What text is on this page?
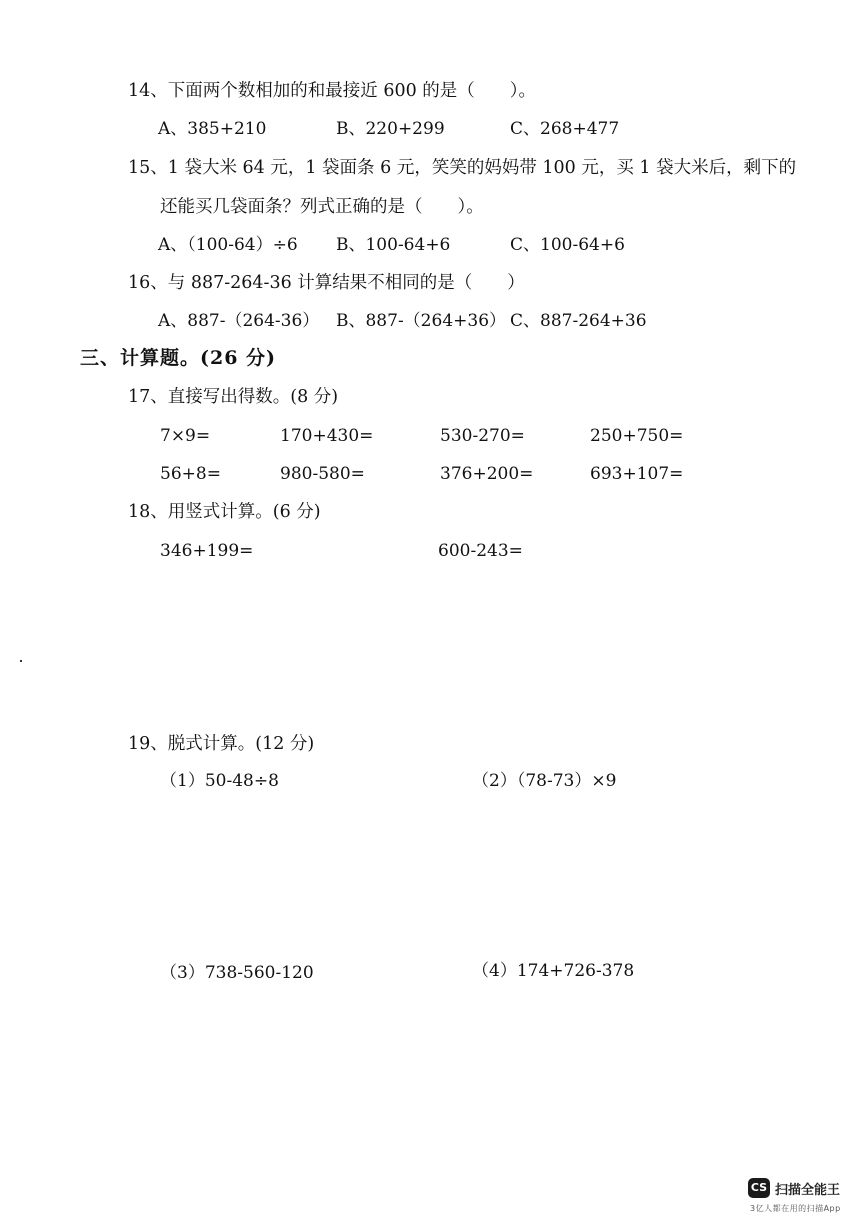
14、下面两个数相加的和最接近 600 的是（　　）。
A、385+210	B、220+299	C、268+477
15、1 袋大米 64 元，1 袋面条 6 元，笑笑的妈妈带 100 元，买 1 袋大米后，剩下的
还能买几袋面条？列式正确的是（　　）。
A、（100-64）÷6 B、100-64+6	C、100-64+6
16、与 887-264-36 计算结果不相同的是（　　）
A、887-（264-36） B、887-（264+36） C、887-264+36
三、计算题。(26 分)
17、直接写出得数。(8 分)
7×9=	170+430=	530-270=	250+750=
56+8=	980-580=	376+200=	693+107=
18、用竖式计算。(6 分)
346+199=	600-243=
19、脱式计算。(12 分)
（1）50-48÷8	（2）（78-73）×9
（3）738-560-120	（4）174+726-378
CS 扫描全能王
3亿人都在用的扫描App
